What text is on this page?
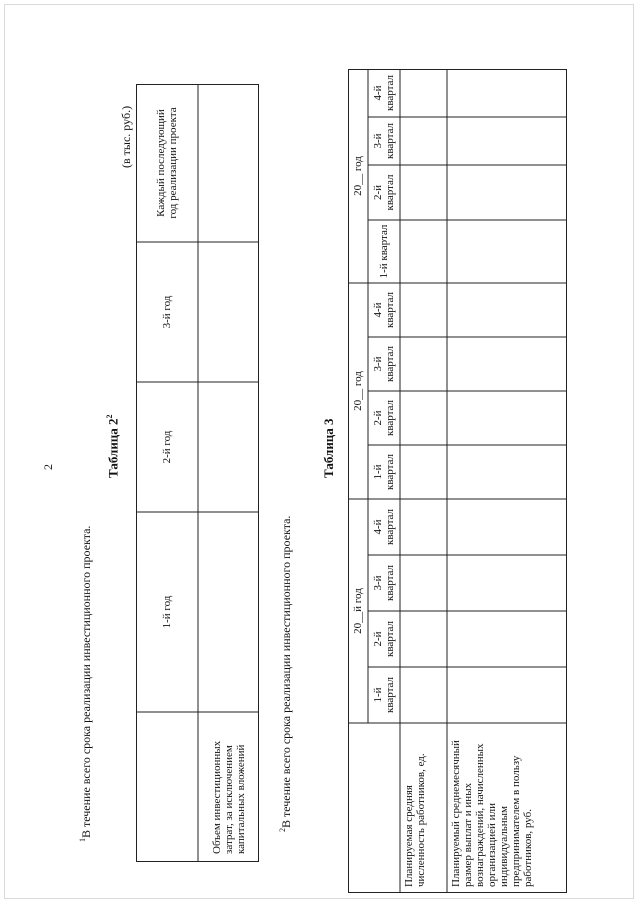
2
$^1$В течение всего срока реализации инвестиционного проекта.
Таблица $2^2$
(в тыс. руб.)
1-й год
2-й год
3-й год
Каждый последующий год реализации проекта
Объем инвестиционных затрат, за исключением капитальных вложений	$^2$В течение всего срока реализации инвестиционного проекта.
Таблица 3
20__й год
20__ год
20__ год
1-й квартал
2-й квартал
3-й квартал
4-й квартал
1-й квартал
2-й квартал
3-й квартал
4-й квартал
1-й квартал
2-й квартал
3-й квартал
4-й квартал
Планируемая средняя численность работников, ед.	Планируемый среднемесячный размер выплат и иных вознаграждений, начисленных организацией или индивидуальным предпринимателем в пользу работников, руб.
